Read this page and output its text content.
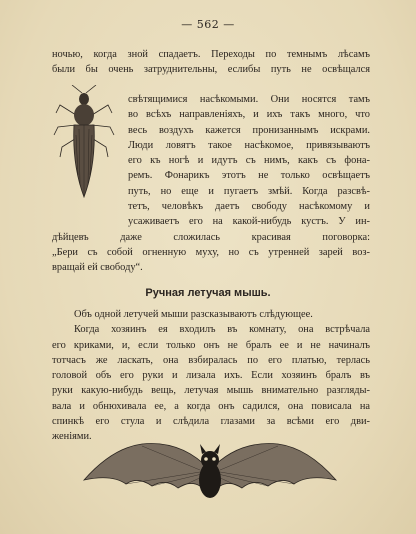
— 562 —
ночью, когда зной спадаетъ. Переходы по темнымъ лѣсамъ
были бы очень затруднительны, еслибы путь не освѣщался
свѣтящимися насѣкомыми. Они носятся тамъ
во всѣхъ направленіяхъ, и ихъ такъ много, что
весь воздухъ кажется пронизаннымъ искрами.
Люди ловятъ такое насѣкомое, привязываютъ
его къ ногѣ и идутъ съ нимъ, какъ съ фона-
ремъ. Фонарикъ этотъ не только освѣщаетъ
путь, но еще и пугаетъ змѣй. Когда разсвѣ-
тетъ, человѣкъ даетъ свободу насѣкомому и
усаживаетъ его на какой-нибудь кустъ. У ин-
дѣйцевъ даже сложилась красивая поговорка:
„Бери съ собой огненную муху, но съ утренней зарей воз-
вращай ей свободу“.
Ручная летучая мышь.
Объ одной летучей мыши разсказываютъ слѣдующее.
Когда хозяинъ ея входилъ въ комнату, она встрѣчала
его криками, и, если только онъ не бралъ ее и не начиналъ
тотчасъ же ласкать, она взбиралась по его платью, терлась
головой объ его руки и лизала ихъ. Если хозяинъ бралъ въ
руки какую-нибудь вещь, летучая мышь внимательно разгляды-
вала и обнюхивала ее, а когда онъ садился, она повисала на
спинкѣ его стула и слѣдила глазами за всѣми его дви-
женіями.
